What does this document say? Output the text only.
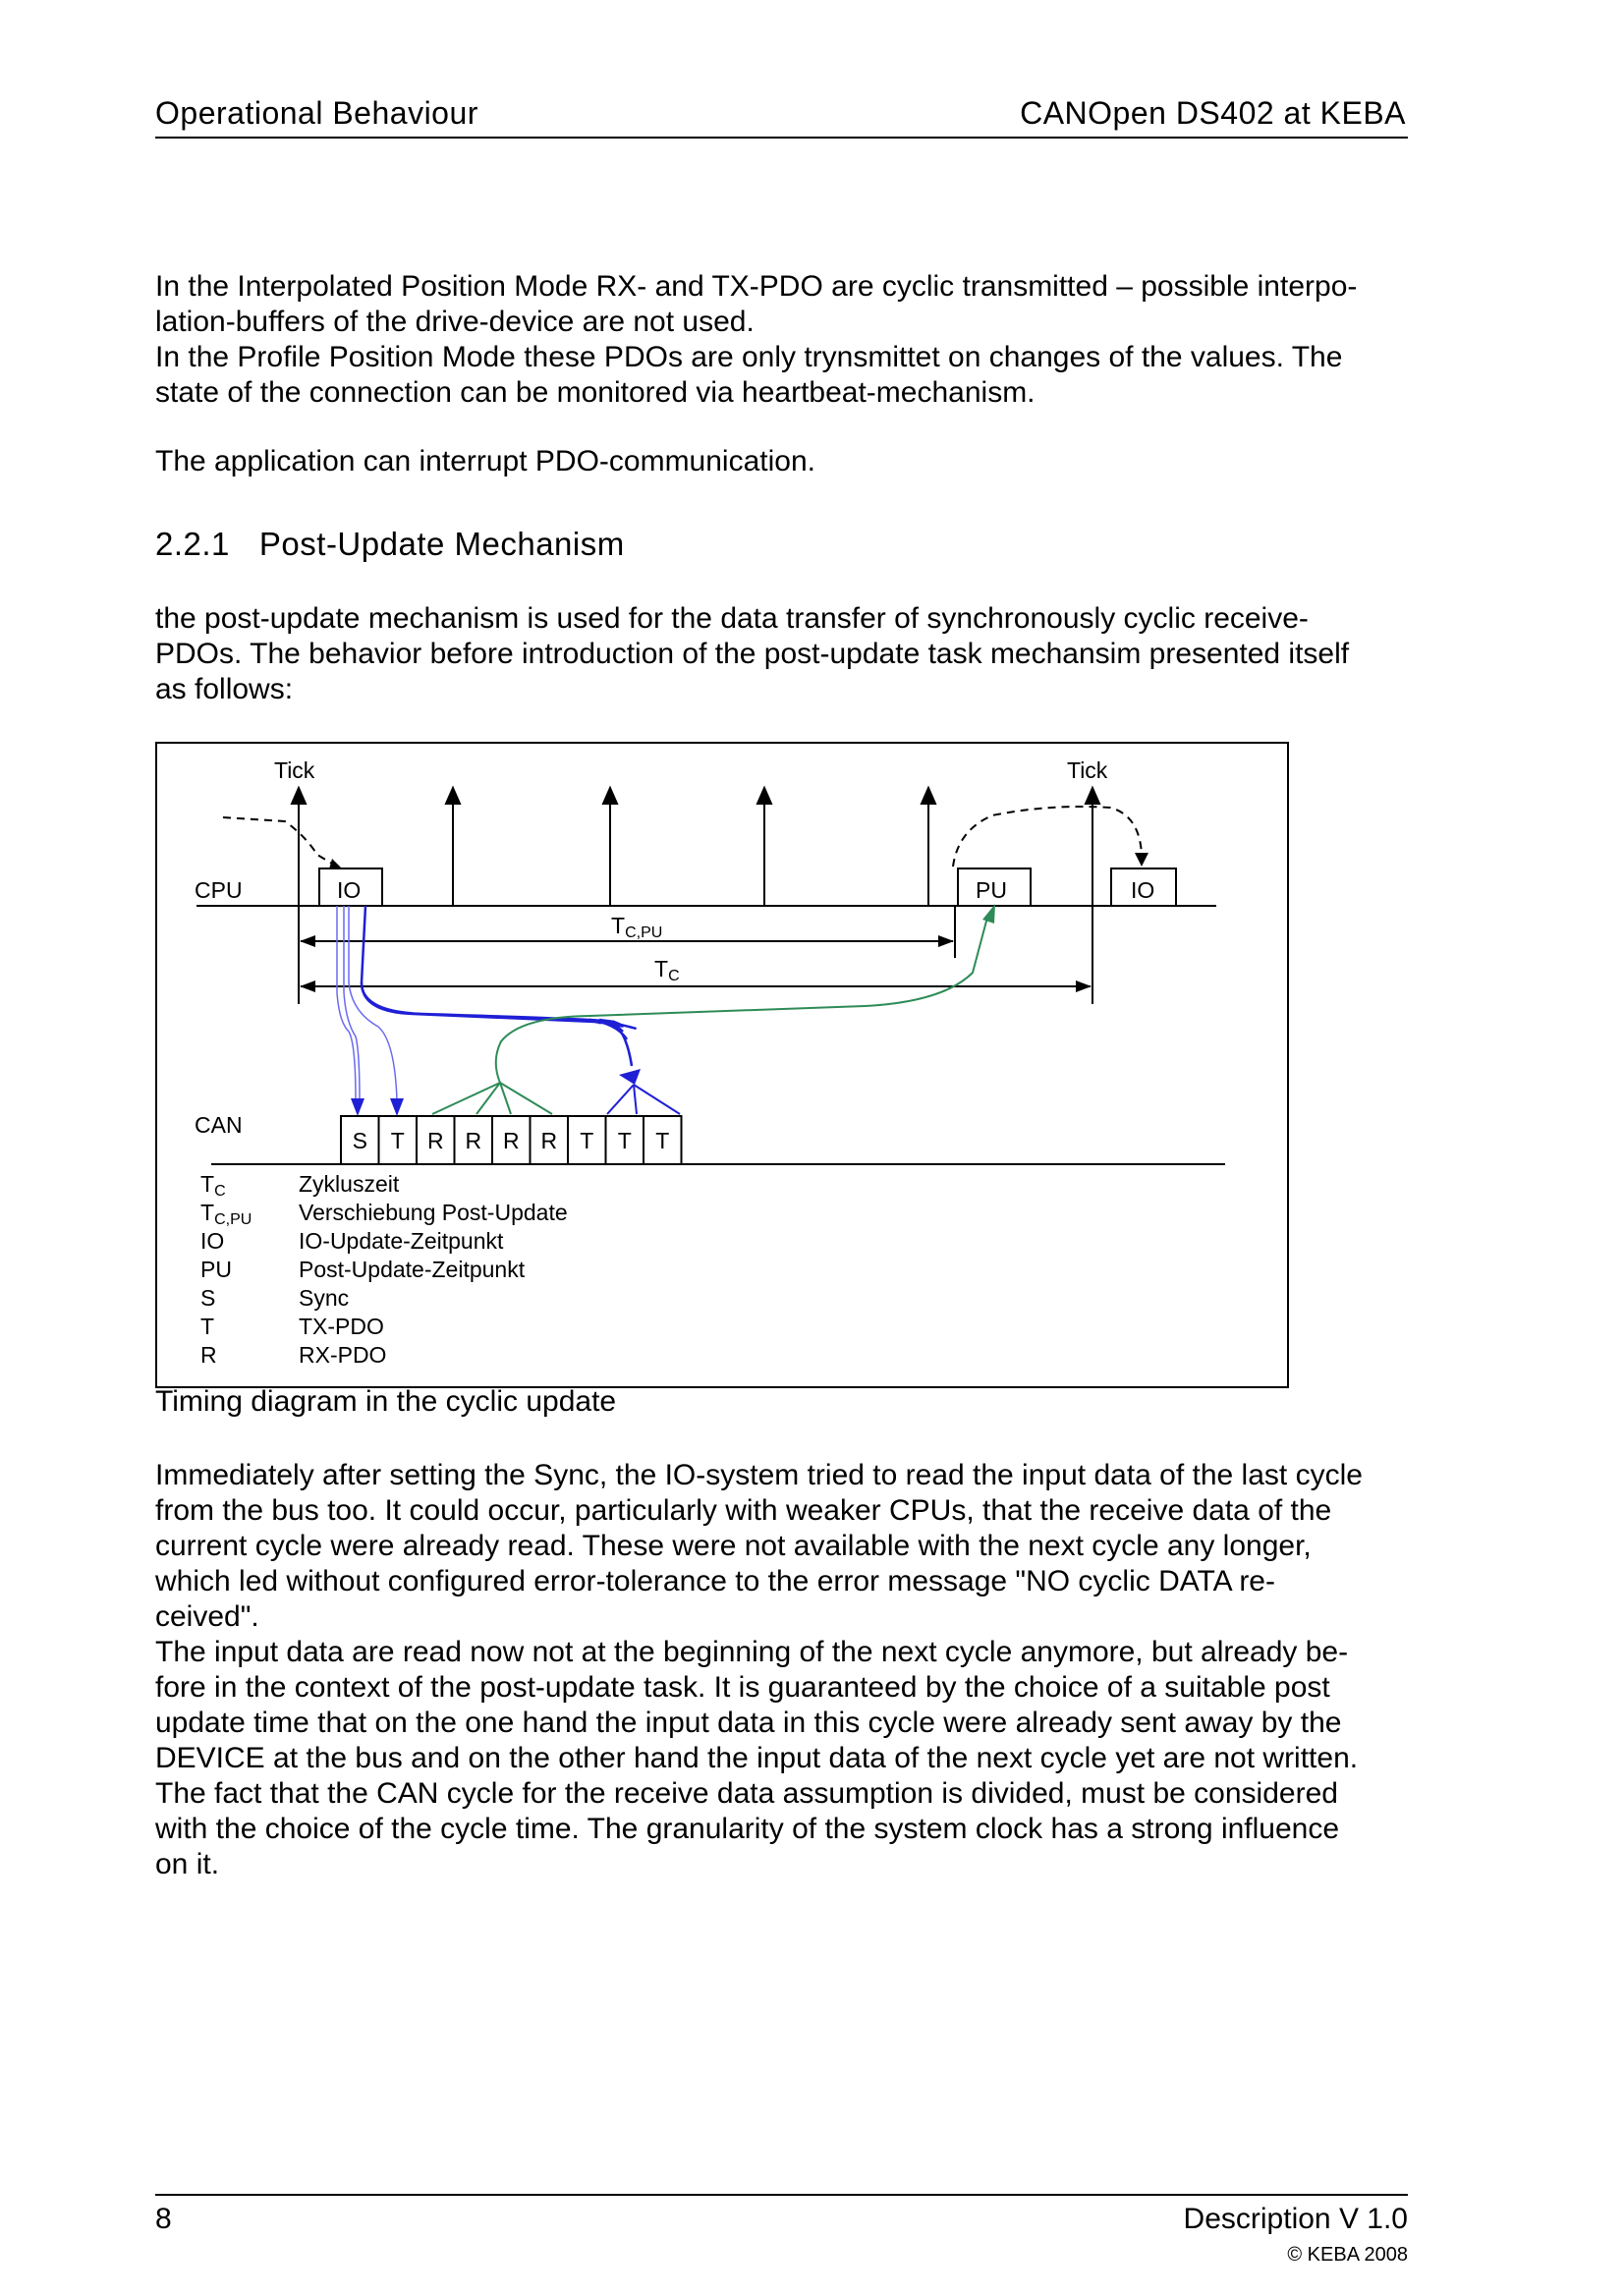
Operational Behaviour	CANOpen DS402 at KEBA

In the Interpolated Position Mode RX- and TX-PDO are cyclic transmitted – possible interpo-

lation-buffers of the drive-device are not used.

In the Profile Position Mode these PDOs are only trynsmittet on changes of the values. The

state of the connection can be monitored via heartbeat-mechanism.

The application can interrupt PDO-communication.
2.2.1 Post-Update Mechanism

the post-update mechanism is used for the data transfer of synchronously cyclic receive-

PDOs. The behavior before introduction of the post-update task mechansim presented itself

as follows:

Tick	Tick
CPU	IO	PU	IO
TC,PU
TC
CAN
S T R R R R T T T
TC	Zykluszeit
TC,PU Verschiebung Post-Update
IO	IO-Update-Zeitpunkt
PU	Post-Update-Zeitpunkt
S	Sync
T	TX-PDO
R	RX-PDO
Timing diagram in the cyclic update

Immediately after setting the Sync, the IO-system tried to read the input data of the last cycle

from the bus too. It could occur, particularly with weaker CPUs, that the receive data of the

current cycle were already read. These were not available with the next cycle any longer,

which led without configured error-tolerance to the error message "NO cyclic DATA re-

ceived".

The input data are read now not at the beginning of the next cycle anymore, but already be-

fore in the context of the post-update task. It is guaranteed by the choice of a suitable post

update time that on the one hand the input data in this cycle were already sent away by the

DEVICE at the bus and on the other hand the input data of the next cycle yet are not written.

The fact that the CAN cycle for the receive data assumption is divided, must be considered

with the choice of the cycle time. The granularity of the system clock has a strong influence

on it.

8	Description V 1.0
© KEBA 2008
